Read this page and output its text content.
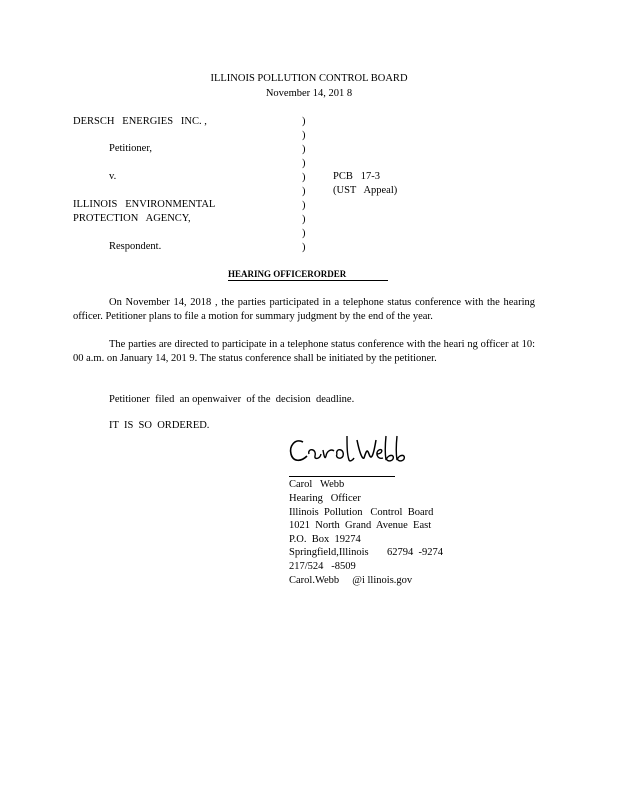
ILLINOIS POLLUTION CONTROL BOARD
November 14, 201 8
DERSCH   ENERGIES   INC. ,
Petitioner,
v.
ILLINOIS   ENVIRONMENTAL
PROTECTION   AGENCY,
Respondent.
)
)
)
)
)
)
)
)
)
)
PCB   17-3
(UST   Appeal)
HEARING OFFICERORDER
On November 14, 2018 , the parties participated in a telephone status conference with the hearing officer. Petitioner plans to file a motion for summary judgment by the end of the year.
The parties are directed to participate in a telephone status conference with the heari ng officer at 10: 00 a.m. on January 14, 201 9. The status conference shall be initiated by the petitioner.
Petitioner  filed  an openwaiver  of the  decision  deadline.
IT  IS  SO  ORDERED.
Carol   Webb
Hearing   Officer
Illinois  Pollution   Control  Board
1021  North  Grand  Avenue  East
P.O.  Box  19274
Springfield,Illinois       62794  -9274
217/524   -8509
Carol.Webb     @i llinois.gov
